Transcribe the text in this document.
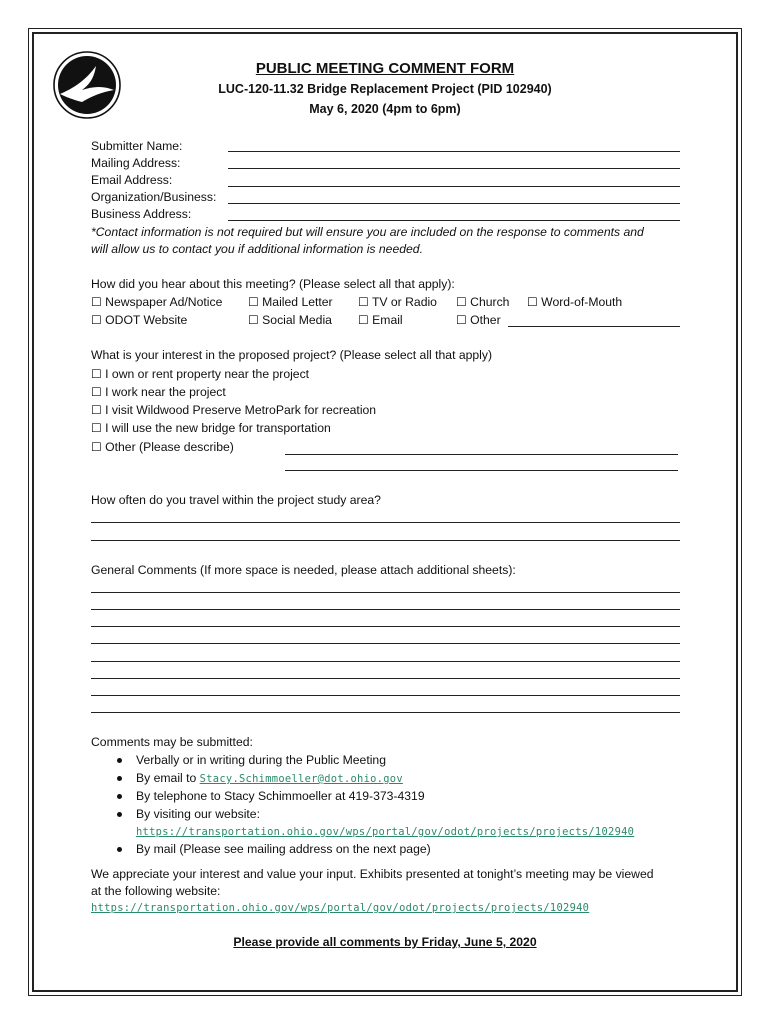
PUBLIC MEETING COMMENT FORM
LUC-120-11.32 Bridge Replacement Project (PID 102940)
May 6, 2020 (4pm to 6pm)
Submitter Name:
Mailing Address:
Email Address:
Organization/Business:
Business Address:
*Contact information is not required but will ensure you are included on the response to comments and
will allow us to contact you if additional information is needed.
How did you hear about this meeting? (Please select all that apply):
☐ Newspaper Ad/Notice ☐ Mailed Letter ☐ TV or Radio ☐ Church ☐ Word-of-Mouth
☐ ODOT Website	☐ Social Media ☐ Email	☐ Other
What is your interest in the proposed project? (Please select all that apply)
☐ I own or rent property near the project
☐ I work near the project
☐ I visit Wildwood Preserve MetroPark for recreation
☐ I will use the new bridge for transportation
☐ Other (Please describe)
How often do you travel within the project study area?
General Comments (If more space is needed, please attach additional sheets):
Comments may be submitted:
Verbally or in writing during the Public Meeting
By email to Stacy.Schimmoeller@dot.ohio.gov
By telephone to Stacy Schimmoeller at 419-373-4319
By visiting our website:
https://transportation.ohio.gov/wps/portal/gov/odot/projects/projects/102940
By mail (Please see mailing address on the next page)
We appreciate your interest and value your input. Exhibits presented at tonight’s meeting may be viewed
at the following website:
https://transportation.ohio.gov/wps/portal/gov/odot/projects/projects/102940
Please provide all comments by Friday, June 5, 2020
